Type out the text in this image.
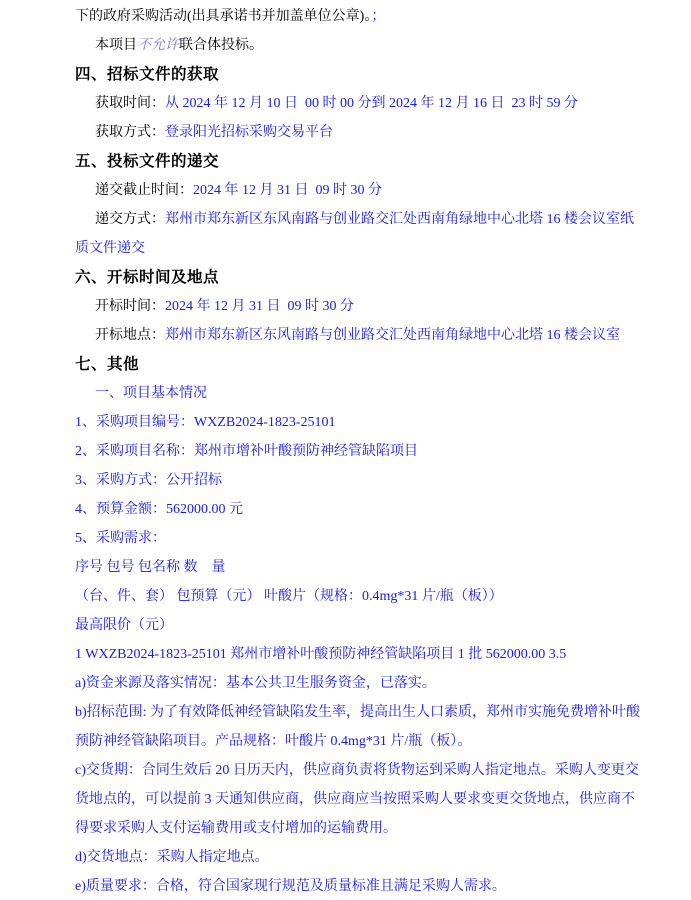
下的政府采购活动(出具承诺书并加盖单位公章)。；

本项目不允许联合体投标。

四、招标文件的获取

获取时间：从 2024 年 12 月 10 日  00 时 00 分到 2024 年 12 月 16 日  23 时 59 分

获取方式：登录阳光招标采购交易平台

五、投标文件的递交

递交截止时间：2024 年 12 月 31 日  09 时 30 分

递交方式：郑州市郑东新区东风南路与创业路交汇处西南角绿地中心北塔 16 楼会议室纸质文件递交

六、开标时间及地点

开标时间：2024 年 12 月 31 日  09 时 30 分

开标地点：郑州市郑东新区东风南路与创业路交汇处西南角绿地中心北塔 16 楼会议室

七、其他

一、项目基本情况

1、采购项目编号：WXZB2024-1823-25101

2、采购项目名称：郑州市增补叶酸预防神经管缺陷项目

3、采购方式：公开招标

4、预算金额：562000.00 元

5、采购需求：

序号 包号 包名称 数　量

（台、件、套） 包预算（元） 叶酸片（规格：0.4mg*31 片/瓶（板））

最高限价（元）

1 WXZB2024-1823-25101 郑州市增补叶酸预防神经管缺陷项目 1 批 562000.00 3.5

a)资金来源及落实情况：基本公共卫生服务资金，已落实。

b)招标范围: 为了有效降低神经管缺陷发生率，提高出生人口素质，郑州市实施免费增补叶酸预防神经管缺陷项目。产品规格：叶酸片 0.4mg*31 片/瓶（板）。

c)交货期：合同生效后 20 日历天内，供应商负责将货物运到采购人指定地点。采购人变更交货地点的，可以提前 3 天通知供应商，供应商应当按照采购人要求变更交货地点，供应商不得要求采购人支付运输费用或支付增加的运输费用。

d)交货地点：采购人指定地点。

e)质量要求：合格，符合国家现行规范及质量标准且满足采购人需求。
